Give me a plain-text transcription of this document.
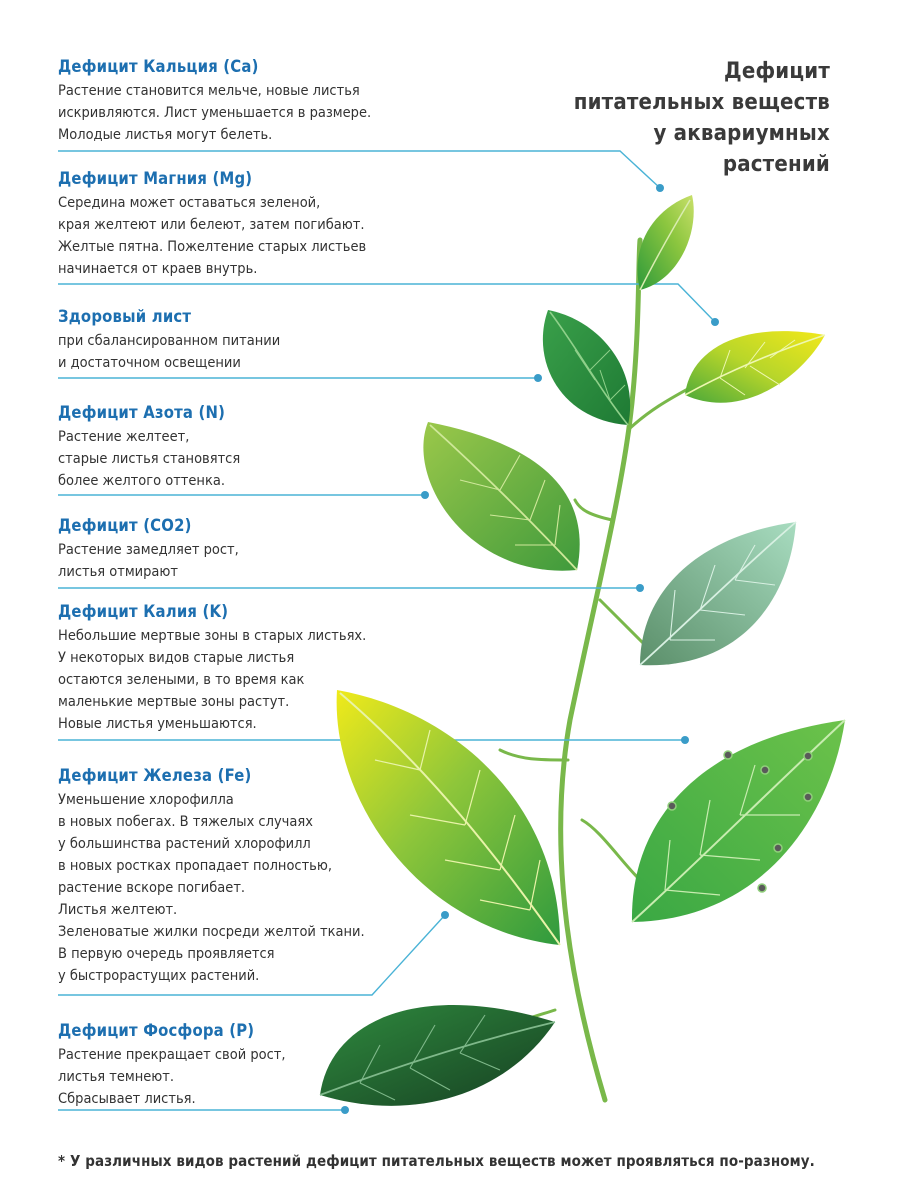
Дефицит
питательных веществ
у аквариумных
растений
Дефицит Кальция (Ca)

Растение становится мельче, новые листья
искривляются. Лист уменьшается в размере.
Молодые листья могут белеть.

Дефицит Магния (Mg)

Середина может оставаться зеленой,
края желтеют или белеют, затем погибают.
Желтые пятна. Пожелтение старых листьев
начинается от краев внутрь.

Здоровый лист

при сбалансированном питании
и достаточном освещении

Дефицит Азота (N)

Растение желтеет,
старые листья становятся
более желтого оттенка.

Дефицит (CO2)

Растение замедляет рост,
листья отмирают

Дефицит Калия (K)

Небольшие мертвые зоны в старых листьях.
У некоторых видов старые листья
остаются зелеными, в то время как
маленькие мертвые зоны растут.
Новые листья уменьшаются.

Дефицит Железа (Fe)

Уменьшение хлорофилла
в новых побегах. В тяжелых случаях
у большинства растений хлорофилл
в новых ростках пропадает полностью,
растение вскоре погибает.
Листья желтеют.
Зеленоватые жилки посреди желтой ткани.
В первую очередь проявляется
у быстрорастущих растений.

Дефицит Фосфора (P)

Растение прекращает свой рост,
листья темнеют.
Сбрасывает листья.

* У различных видов растений дефицит питательных веществ может проявляться по-разному.
